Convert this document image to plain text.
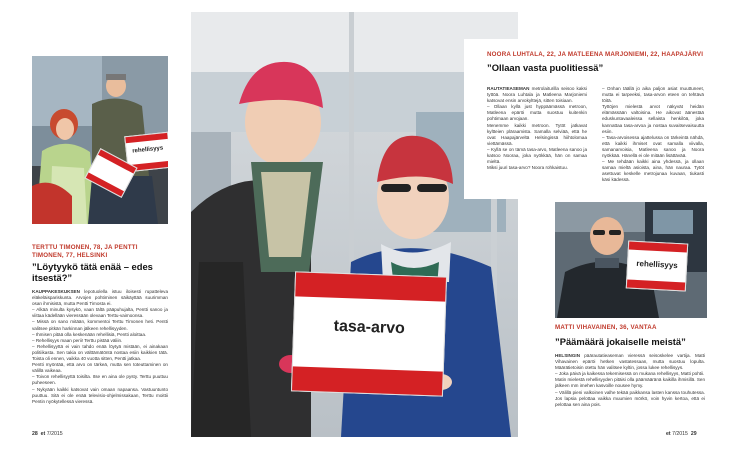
rehellisyys
TERTTU TIMONEN, 78, JA PENTTI TIMONEN, 77, HELSINKI
”Löytyykö tätä enää – edes itsestä?”

KAUPPAKESKUKSEN lepotuolella istuu iloisesti rupatteleva eläkeläispariskunta. Arvojen pohtiminen säikäyttää suurimman osan ihmisistä, mutta Pentti Timosta ei.

– Alkää minulta kysykö, vaan tältä pääpuhujalta, Pentti sanoo ja viittaa kädellään vieressään olevaan Terttu-vaimoonsa.

– Missä on sano mitään, kommentoi Terttu Timonen heti. Pentti valitsee pitkän harkinnan jälkeen rehellisyyden.

– Ihmisen pitää olla keskenään rehellisiä, Pentti aloittaa.

– Rehellisyys maan perii! Terttu pistää väliin.

– Rehellisyyttä ei vain tahdo enää löytyä mistään, ei ainakaan politiikasta. Sen takia on välttämätöntä nostaa esiin kaikkien tätä. Toista oli ennen, vaikka 40 vuotta sitten, Pentti jatkaa.

Pentti myöntää, että arvo on tärkeä, mutta sen toteuttaminen on välillä vaikeaa.

– Toivon rehellisyyttä toisilta. Itse en aina ole pysty. Terttu puuttuu puheeseen.

– Nykyään kaikki katsovat vain omaan napaansa. Vastuuntunto puuttuu. Sitä ei ole enää televisio-ohjelmissakaan, Terttu moittii Pentin nyökytellessä vieressä.

28 et 7/2015
tasa-arvo
NOORA LUHTALA, 22, JA MATLEENA MARJONIEMI, 22, HAAPAJÄRVI
”Ollaan vasta puolitiessä”

RAUTATIEASEMAN metrolaiturilla seisoo kaksi tyttöä. Noora Luhtala ja Matleena Marjoniemi katsovat ensin arvokylttejä, sitten toisiaan.

– Ollaan kyllä just hyppäämässä metroon, Matleena epäröi mutta suostuu kuitenkin pohtimaan arvojaan.

Menemme kaikki metroon. Tytöt jatkavat kyltteien pläraamista. Samalla selviää, että he ovat Haapajärveltä Helsingissä hiihtolomaa viettämässä.

– Kyllä se on tämä tasa-arvo, Matleena sanoo ja katsoo Nooraa, joka nyökkää, hän on samaa mieltä.

Miksi juuri tasa-arvo? Noora rohkaistuu.

– Onhan täällä jo aika paljon asiat muuttuneet, mutta ei tarpeeksi, tasa-arvon eteen on tehtävä töitä.

Tyttöjen mielestä arvot näkyvät heidän elämässään valtoisina. He aikovat äänestää eduskuntavaaleissa sellaista henkilöä, joka kannattaa tasa-arvoa ja nostaa suvaitsevaisuutta esiin.

– Tasa-arvoisessa ajattelussa on tärkeintä nähdä, että kaikki ihmiset ovat samalla viivalla, samanarvoisia, Matleena sanoo ja Noora nyökkää. Hänellä ei ole mitään lisättävää.

– Me tehdään kaikki aina yhdessä, ja ollaan samaa mieltä asioista, aina, hän nauraa. Tytöt asettuvat keskelle metrojunaa kuvaan, tiukasti käsi kädessä.

rehellisyys
MATTI VIHAVAINEN, 36, VANTAA
”Päämäärä jokaiselle meistä”

HELSINGIN päärautatieaseman vieressä seisoskelee vartija. Matti Vihavainen epäröi hetken vastatessaan, mutta suostuu lopulta. Määrätietoisin otettu hän valitsee kyltin, jossa lukee rehellisyys.

– Joka päivä ja kaikessa tekemisessä on mukana rehellisyys, Matti pohtii.

Matin mielestä rehellisyyden pitäisi olla päämääränä kaikilla ihmisillä. Sen jälkeen mm imehen kasvoille nousee hymy.

– Välillä pieni valkoinen valhe tekää paikkansa lasten kanssa touhutessa. Jos lapsia pelottaa vaikka muumien mörkö, voin hyvin kertoa, että ei pelottaa sen aina pois.

et 7/2015 29
